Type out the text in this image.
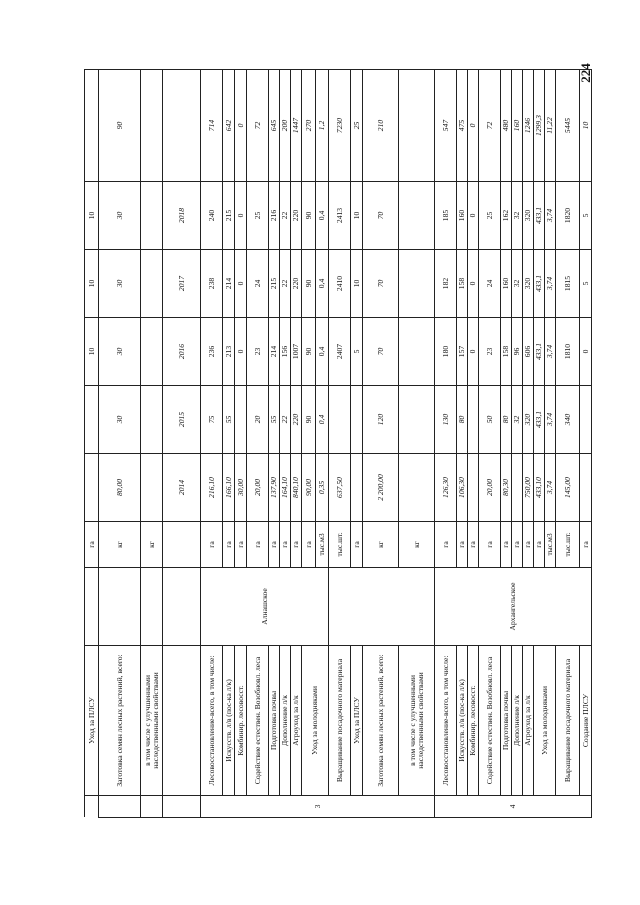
224
	Уход за ПЛСУ		га			10	10	10	
	Заготовка семян лесных растений, всего:		кг	80,00	30	30	30	30	90
	в том числе с улучшенными наследственными свойствами		кг						
				2014	2015	2016	2017	2018	
3	Лесовосстановление-всего, в том числе:	Алнашское	га	216,10	75	236	238	240	714
	Искусств. л/в (пос-ка л/к)		га	166,10	55	213	214	215	642
	Комбинир. лесовосст.		га	30,00		0	0	0	0
	Содействие естествен. Возобновл. леса		га	20,00	20	23	24	25	72
	Подготовка почвы		га	137,90	55	214	215	216	645
	Дополнение л/к		га	164,10	22	156	22	22	200
	Агроуход за л/к		га	840,10	220	1007	220	220	1447
	Уход за молодняками		га	90,00	90	90	90	90	270
			тыс.м3	0,35	0,4	0,4	0,4	0,4	1,2
	Выращивание посадочного материала		тыс.шт.	637,50		2407	2410	2413	7230
	Уход за ПЛСУ		га			5	10	10	25
	Заготовка семян лесных растений, всего:		кг	2 200,00	120	70	70	70	210
	в том числе с улучшенными наследственными свойствами		кг						
4	Лесовосстановление-всего, в том числе:	Архангельское	га	126,30	130	180	182	185	547
	Искусств. л/в (пос-ка л/к)		га	106,30	80	157	158	160	475
	Комбинир. лесовосст.		га			0	0	0	0
	Содействие естествен. Возобновл. леса		га	20,00	50	23	24	25	72
	Подготовка почвы		га	80,30	80	158	160	162	480
	Дополнение л/к		га		32	96	32	32	160
	Агроуход за л/к		га	750,00	320	606	320	320	1246
	Уход за молодняками		га	433,10	433,1	433,1	433,1	433,1	1299,3
			тыс.м3	3,74	3,74	3,74	3,74	3,74	11,22
	Выращивание посадочного материала		тыс.шт.	145,00	340	1810	1815	1820	5445
	Создание ПЛСУ		га			0	5	5	10
